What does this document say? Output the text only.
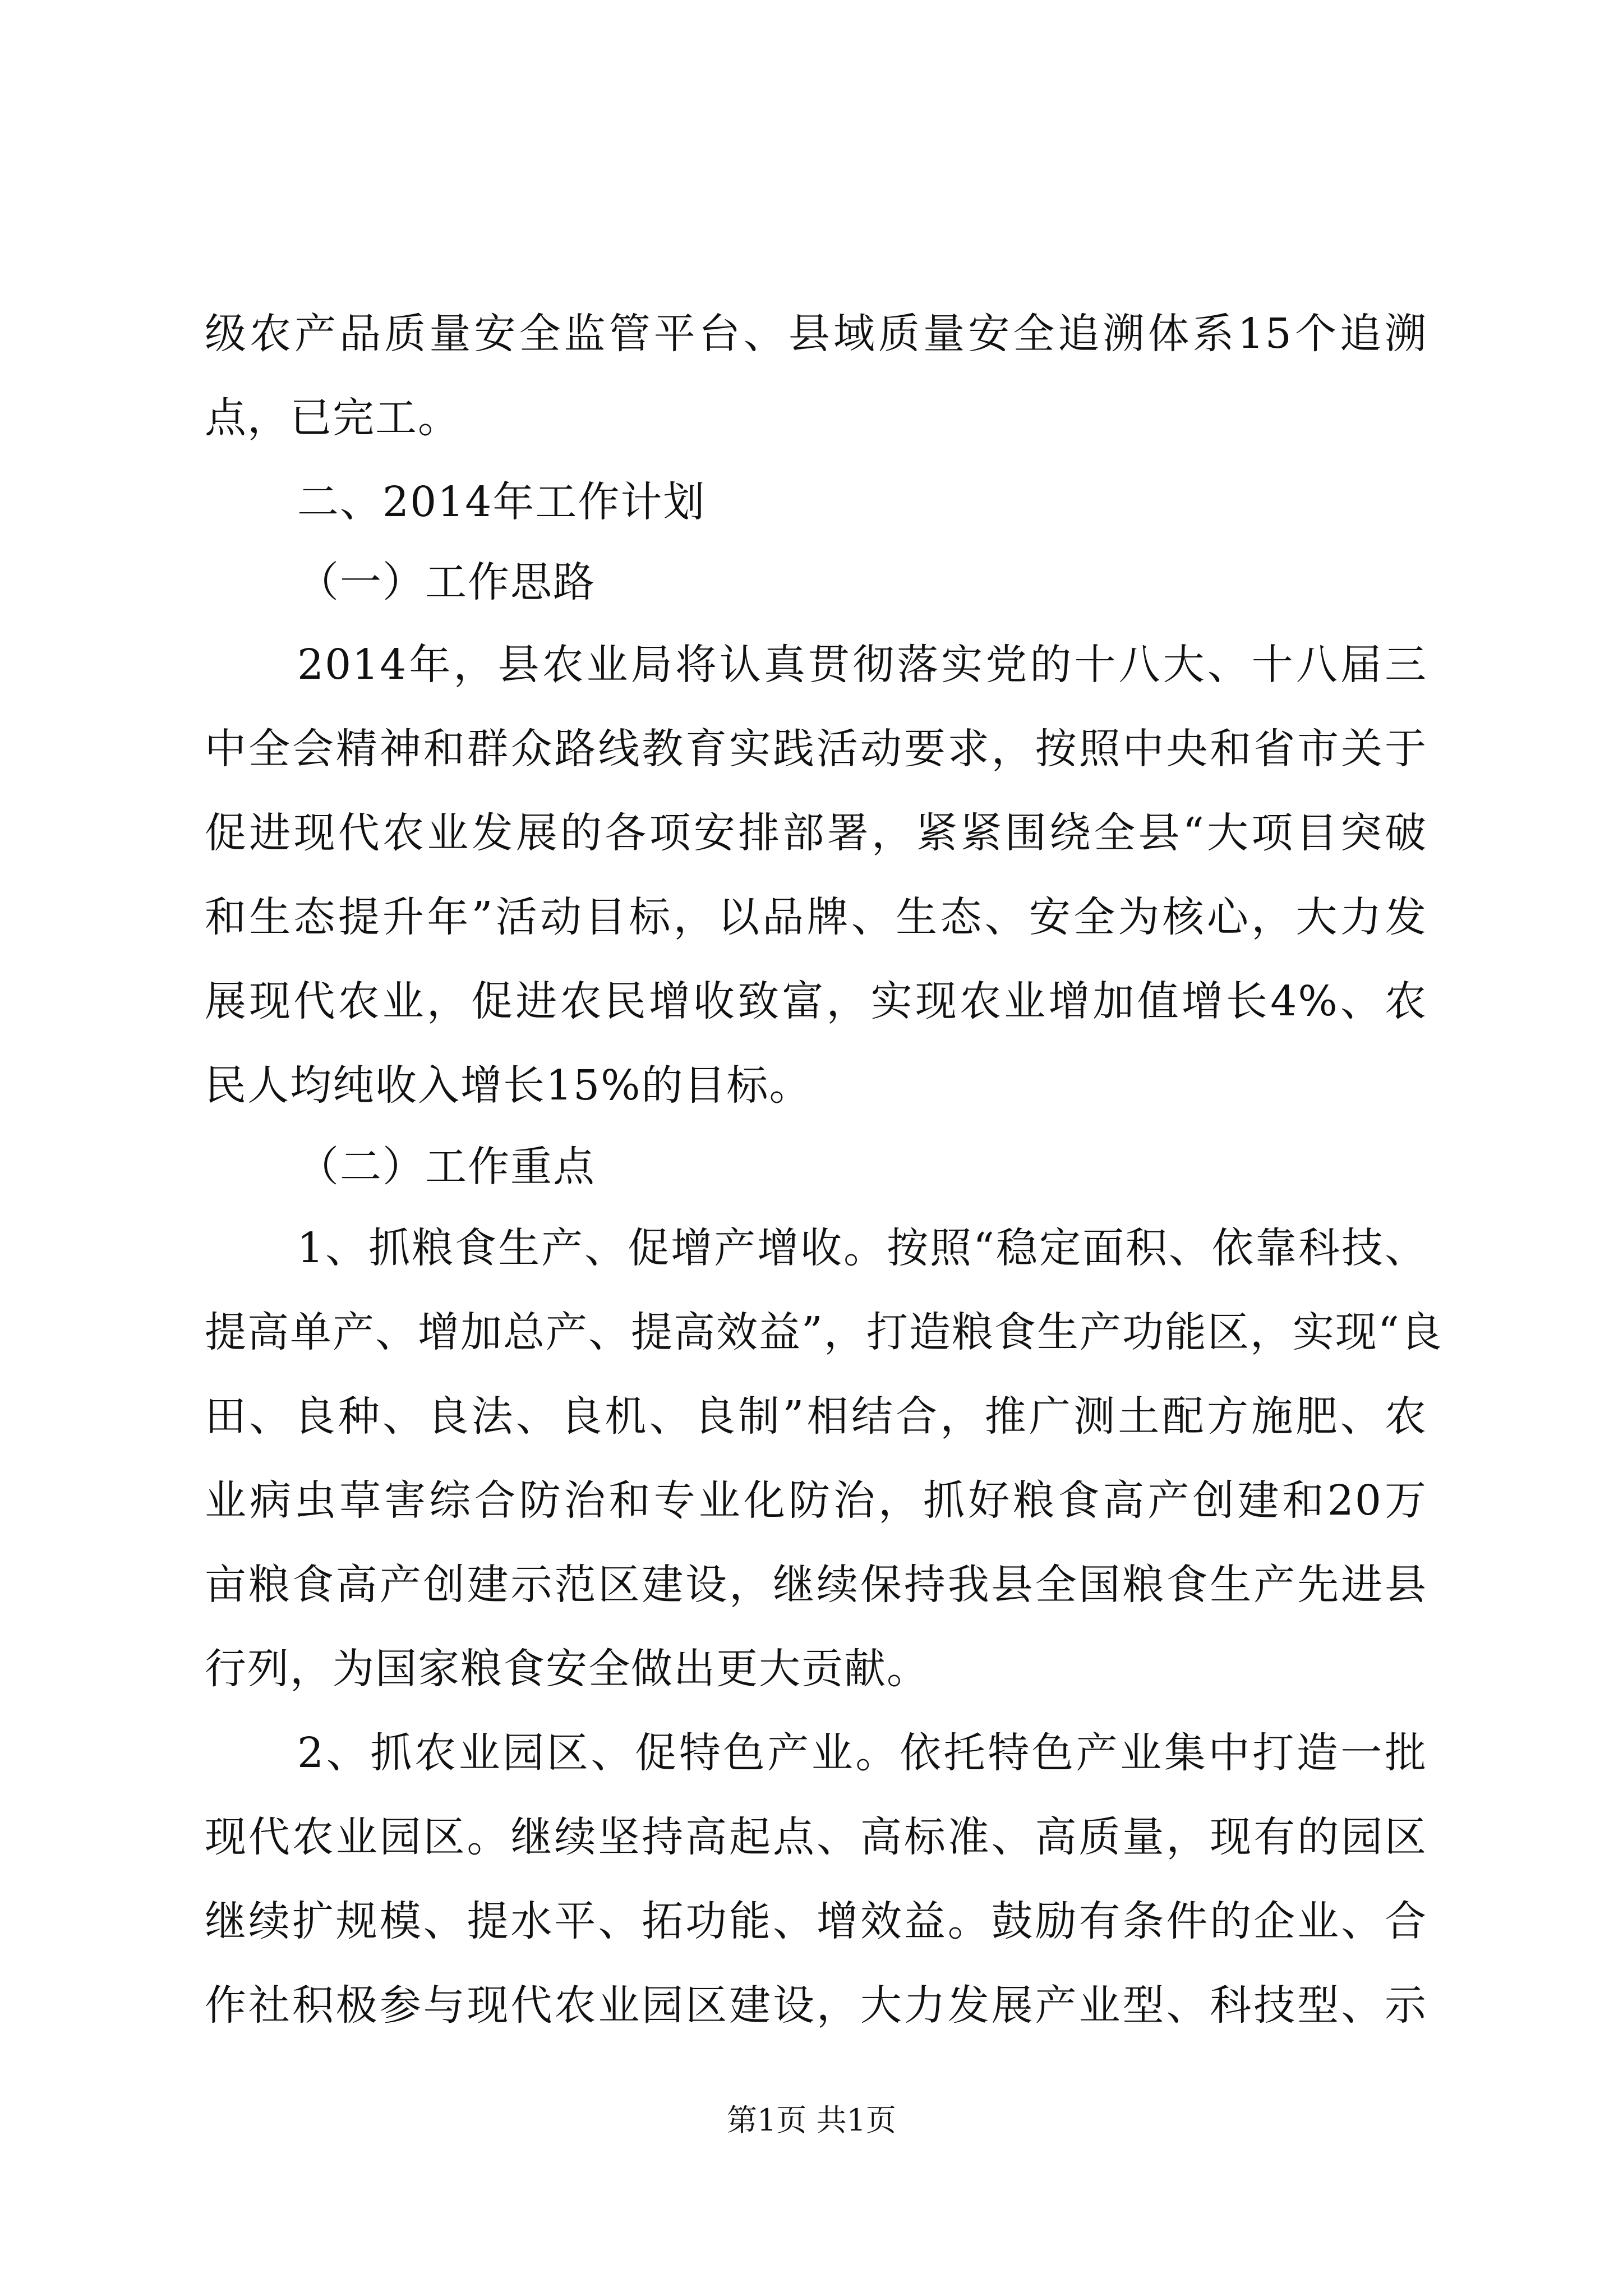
级农产品质量安全监管平台、县域质量安全追溯体系15个追溯
点，已完工。
二、2014年工作计划
（一）工作思路
2014年，县农业局将认真贯彻落实党的十八大、十八届三
中全会精神和群众路线教育实践活动要求，按照中央和省市关于
促进现代农业发展的各项安排部署，紧紧围绕全县“大项目突破
和生态提升年”活动目标，以品牌、生态、安全为核心，大力发
展现代农业，促进农民增收致富，实现农业增加值增长4%、农
民人均纯收入增长15%的目标。
（二）工作重点
1、抓粮食生产、促增产增收。按照“稳定面积、依靠科技、
提高单产、增加总产、提高效益”，打造粮食生产功能区，实现“良
田、良种、良法、良机、良制”相结合，推广测土配方施肥、农
业病虫草害综合防治和专业化防治，抓好粮食高产创建和20万
亩粮食高产创建示范区建设，继续保持我县全国粮食生产先进县
行列，为国家粮食安全做出更大贡献。
2、抓农业园区、促特色产业。依托特色产业集中打造一批
现代农业园区。继续坚持高起点、高标准、高质量，现有的园区
继续扩规模、提水平、拓功能、增效益。鼓励有条件的企业、合
作社积极参与现代农业园区建设，大力发展产业型、科技型、示
第1页 共1页
